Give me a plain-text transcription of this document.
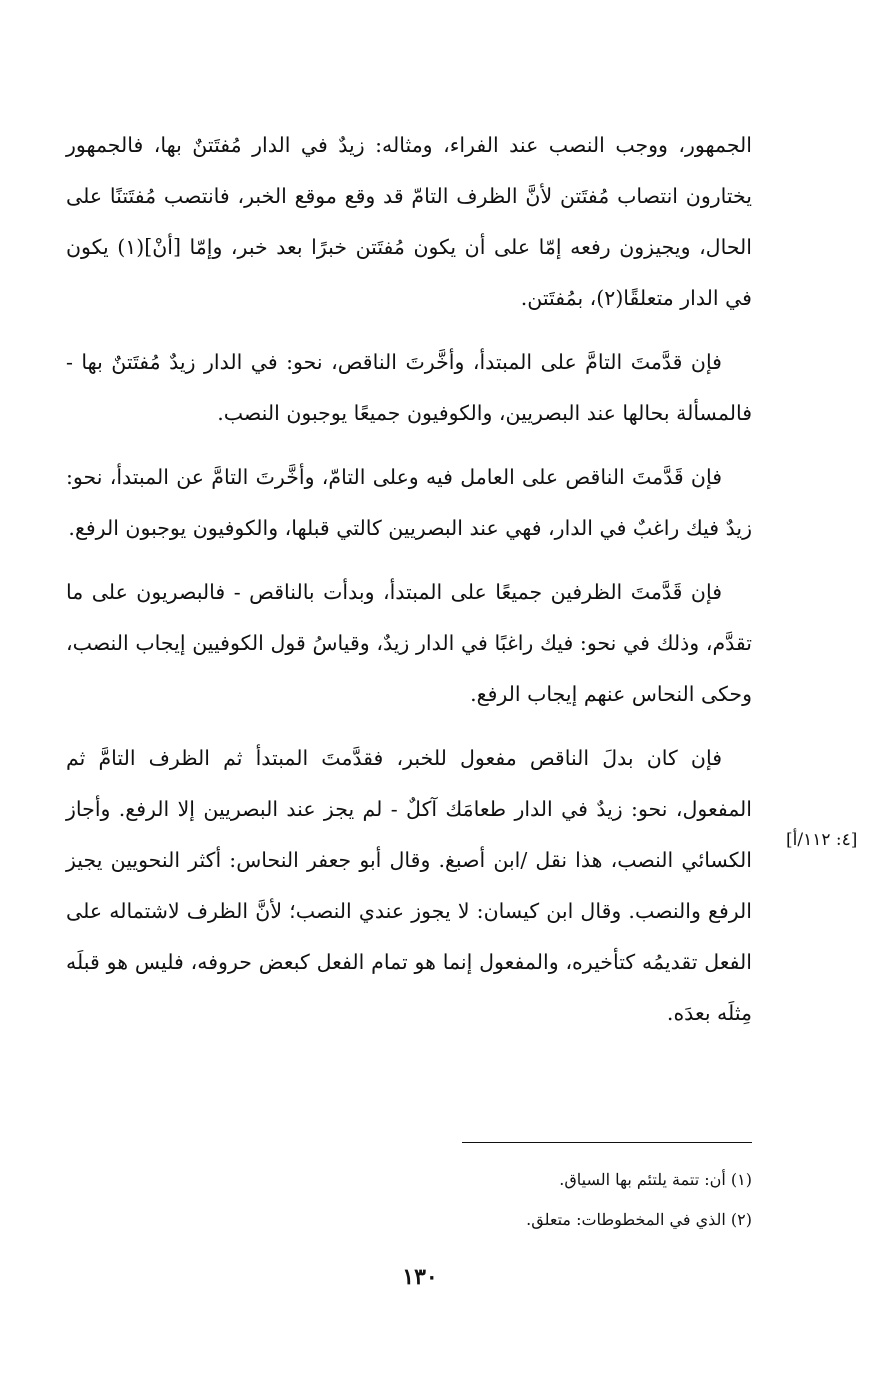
الجمهور، ووجب النصب عند الفراء، ومثاله: زيدٌ في الدار مُفتَتنٌ بها، فالجمهور يختارون انتصاب مُفتَتن لأنَّ الظرف التامّ قد وقع موقع الخبر، فانتصب مُفتَتنًا على الحال، ويجيزون رفعه إمّا على أن يكون مُفتَتن خبرًا بعد خبر، وإمّا [أنْ](١) يكون في الدار متعلقًا(٢)، بمُفتَتن.

فإن قدَّمتَ التامَّ على المبتدأ، وأخَّرتَ الناقص، نحو: في الدار زيدٌ مُفتَتنٌ بها - فالمسألة بحالها عند البصريين، والكوفيون جميعًا يوجبون النصب.

فإن قَدَّمتَ الناقص على العامل فيه وعلى التامّ، وأخَّرتَ التامَّ عن المبتدأ، نحو: زيدٌ فيك راغبٌ في الدار، فهي عند البصريين كالتي قبلها، والكوفيون يوجبون الرفع.

فإن قَدَّمتَ الظرفين جميعًا على المبتدأ، وبدأت بالناقص - فالبصريون على ما تقدَّم، وذلك في نحو: فيك راغبًا في الدار زيدٌ، وقياسُ قول الكوفيين إيجاب النصب، وحكى النحاس عنهم إيجاب الرفع.

فإن كان بدلَ الناقص مفعول للخبر، فقدَّمتَ المبتدأ ثم الظرف التامَّ ثم المفعول، نحو: زيدٌ في الدار طعامَك آكلٌ - لم يجز عند البصريين إلا الرفع. وأجاز الكسائي النصب، هذا نقل /ابن أصبغ. وقال أبو جعفر النحاس: أكثر النحويين يجيز الرفع والنصب. وقال ابن كيسان: لا يجوز عندي النصب؛ لأنَّ الظرف لاشتماله على الفعل تقديمُه كتأخيره، والمفعول إنما هو تمام الفعل كبعض حروفه، فليس هو قبلَه مِثلَه بعدَه.

[٤: ١١٢/أ]
(١) أن: تتمة يلتئم بها السياق.
(٢) الذي في المخطوطات: متعلق.
١٣٠
